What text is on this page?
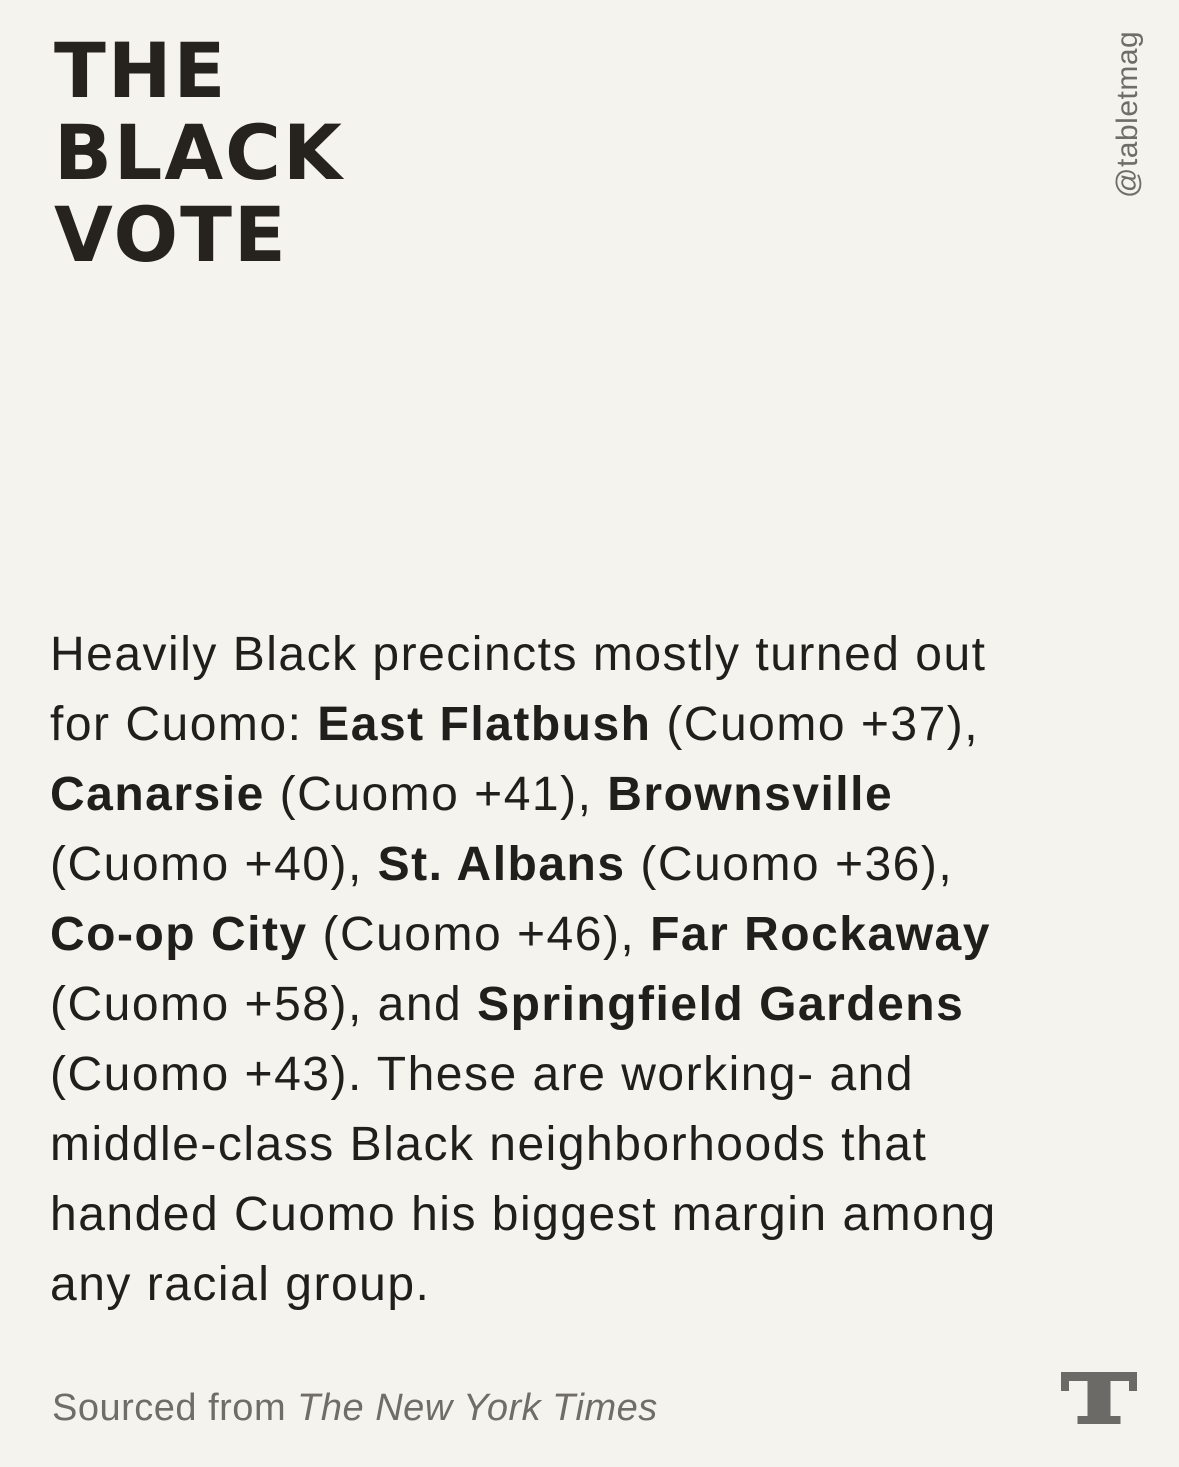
THE
BLACK
VOTE
@tabletmag
Heavily Black precincts mostly turned out
for Cuomo: East Flatbush (Cuomo +37),
Canarsie (Cuomo +41), Brownsville
(Cuomo +40), St. Albans (Cuomo +36),
Co-op City (Cuomo +46), Far Rockaway
(Cuomo +58), and Springfield Gardens
(Cuomo +43). These are working- and
middle-class Black neighborhoods that
handed Cuomo his biggest margin among
any racial group.
Sourced from The New York Times
